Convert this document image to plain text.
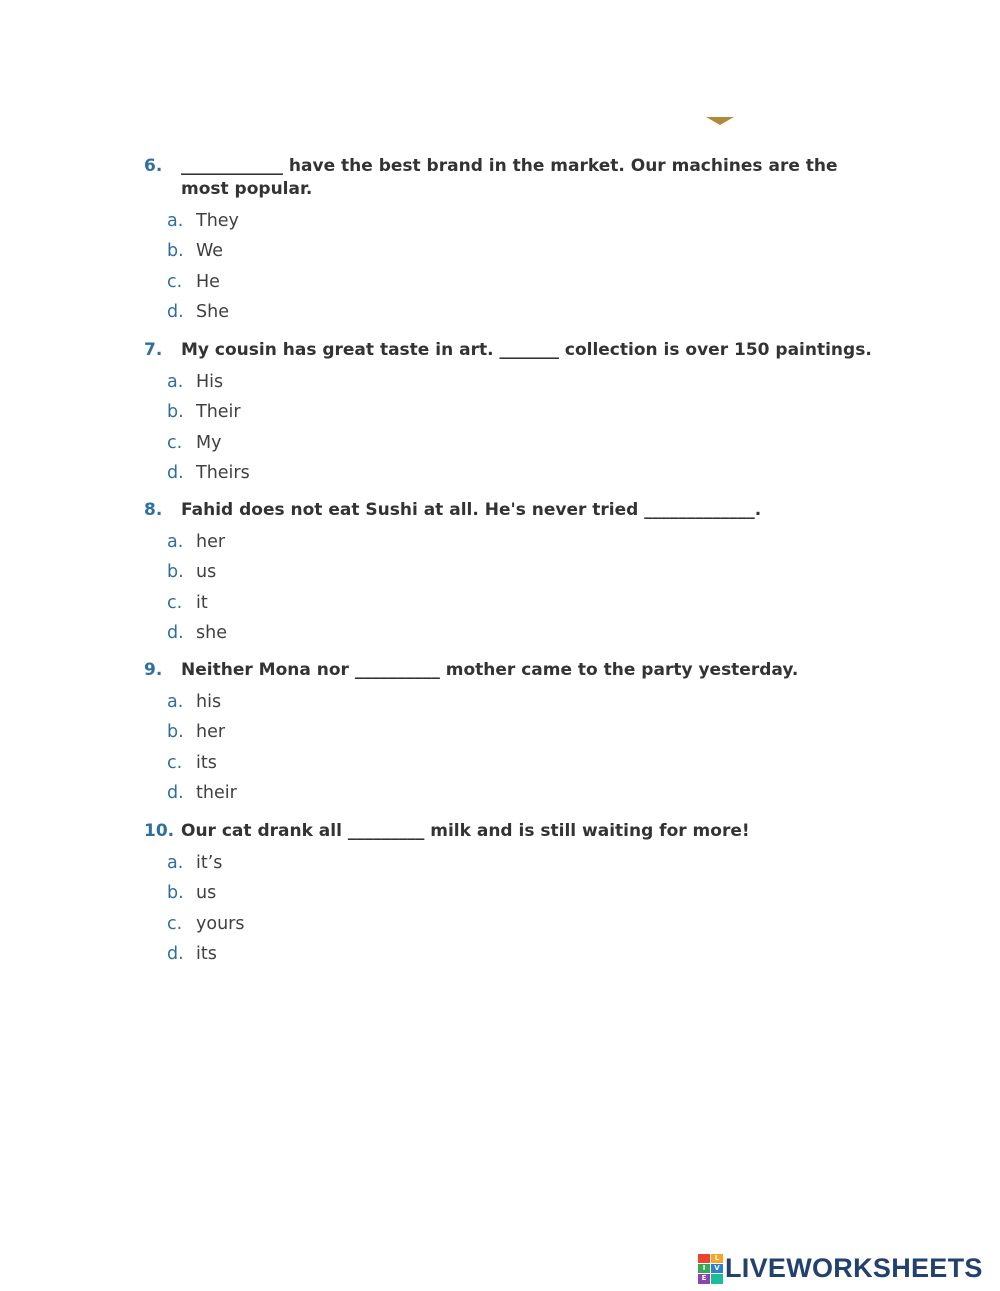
6. ____________ have the best brand in the market. Our machines are the most popular.
a. They
b. We
c. He
d. She
7. My cousin has great taste in art. _______ collection is over 150 paintings.
a. His
b. Their
c. My
d. Theirs
8. Fahid does not eat Sushi at all. He's never tried _____________.
a. her
b. us
c. it
d. she
9. Neither Mona nor __________ mother came to the party yesterday.
a. his
b. her
c. its
d. their
10. Our cat drank all _________ milk and is still waiting for more!
a. it’s
b. us
c. yours
d. its
L
I	V
E LIVEWORKSHEETS
